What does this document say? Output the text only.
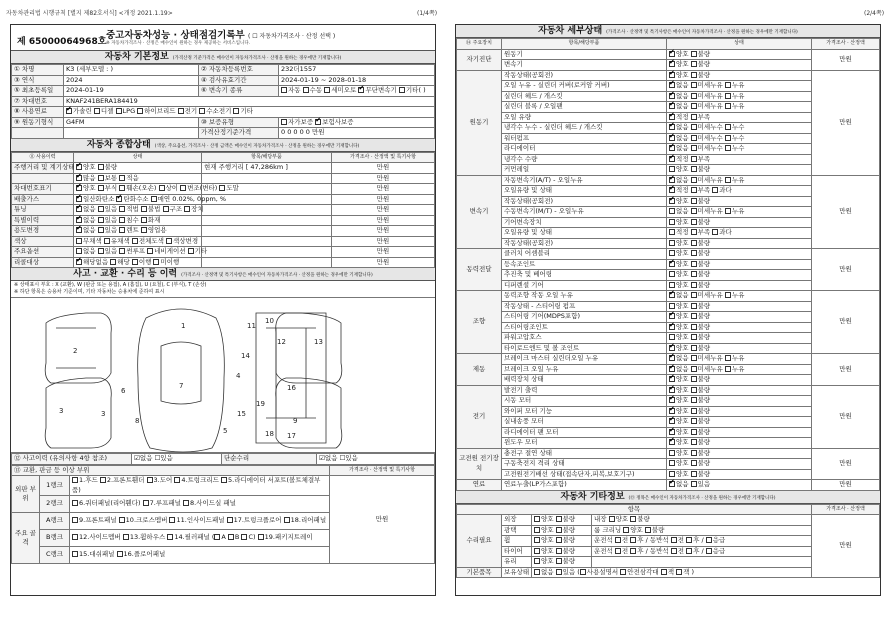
자동차관리법 시행규칙 [별지 제82호서식] <개정 2021.1.19>	(1/4쪽)	(2/4쪽)
제 65000064968호
중고자동차성능 · 상태점검기록부 ( ☐ 자동차가격조사 · 산정 선택 )
※ 자동차가격조사 · 산정은 매수인이 원하는 경우 제공하는 서비스입니다.
자동차 기본정보 (가격산정 기준가격은 매수인이 자동차가격조사 · 산정을 원하는 경우에만 기재합니다)
① 차명	K3 (세부모델 : )	② 자동차등록번호	232더1557
③ 연식	2024	④ 검사유효기간	2024-01-19 ~ 2028-01-18
⑤ 최초등록일	2024-01-19	⑥ 변속기 종류	자동 수동 세미오토 ✔무단변속기 기타( )
⑦ 차대번호	KNAF241BERA184419		
⑧ 사용연료	✔가솔린 디젤 LPG 하이브리드 전기 수소전기 기타
⑨ 원동기형식	G4FM	⑩ 보증유형	자가보증 ✔보험사보증
		가격산정기준가격	0 0 0 0 0 만원
자동차 종합상태 (색상, 주요옵션, 가격조사 · 산정 금액은 매수인이 자동차가격조사 · 산정을 원하는 경우에만 기재합니다)
⑪ 사용이력	상태	항목/해당부품	가격조사 · 산정액 및 특기사항
주행거리 및 계기상태	✔양호 불량	현재 주행거리 [ 47,286km ]	만원
	✔많음 보통 적음		만원
차대번호표기	✔양호 부식 훼손(오손) 상이 변조(변타) 도말		만원
배출가스	✔일산화탄소 ✔탄화수소 매연 0.02%, 0ppm, %		만원
튜닝	✔없음 있음 적법 불법 구조 장치		만원
특별이력	✔없음 있음 침수 화재		만원
용도변경	✔없음 있음 렌트 영업용		만원
색상	무채색 유채색 전체도색 색상변경		만원
주요옵션	없음 있음 썬루프 네비게이션 기타		만원
리콜대상	✔해당없음 해당 이행 미이행		만원
사고 · 교환 · 수리 등 이력 (가격조사 · 산정액 및 특기사항은 매수인이 자동차가격조사 · 산정을 원하는 경우에만 기재합니다)
※ 상태표시 부호 : X (교환), W (판금 또는 용접), A (흠집), U (요철), C (부식), T (손상)
※ 하단 항목은 승용차 기준이며, 기타 자동차는 승용차에 준하여 표시
1
2
3	3
4
5
6
7
8	9
10
11
12	13
14
15
16
17
18
19
⑫ 사고이력 (유의사항 4항 참조)	☑없음 ☐있음	단순수리	☑없음 ☐있음
⑬ 교환, 판금 등 이상 부위			가격조사 · 산정액 및 특기사항
외판 부위	1랭크	1.후드 2.프론트휀더 3.도어 4.트렁크리드 5.라디에이터 서포트(볼트체결부품)	만원
	2랭크	6.쿼터패널(리어휀다) 7.루프패널 8.사이드실 패널	
주요 골격	A랭크	9.프론트패널 10.크로스멤버 11.인사이드패널 17.트렁크플로어 18.리어패널	
	B랭크	12.사이드멤버 13.휠하우스 14.필러패널 ( A B C) 19.패키지트레이	
	C랭크	15.대쉬패널 16.플로어패널	
자동차 세부상태 (가격조사 · 산정액 및 특기사항은 매수인이 자동차가격조사 · 산정을 원하는 경우에만 기재합니다)
⑭ 주요장치	항목/해당부품	상태	가격조사 · 산정액
자기진단	원동기	✔양호 불량	만원
	변속기	✔양호 불량
원동기	작동상태(공회전)	✔양호 불량	만원
	오일 누유 - 실린더 커버(로커암 커버)	✔없음 미세누유 누유
	실린더 헤드 / 개스킷	✔없음 미세누유 누유
	실린더 블록 / 오일팬	✔없음 미세누유 누유
	오일 유량	✔적정 부족
	냉각수 누수 - 실린더 헤드 / 개스킷	✔없음 미세누수 누수
	워터펌프	✔없음 미세누수 누수
	라디에이터	✔없음 미세누수 누수
	냉각수 수량	✔적정 부족
	커먼레일	양호 불량	
변속기	자동변속기(A/T) - 오일누유	✔없음 미세누유 누유	만원
	오일유량 및 상태	✔적정 부족 과다
	작동상태(공회전)	✔양호 불량
	수동변속기(M/T) - 오일누유	없음 미세누유 누유	
	기어변속장치	양호 불량	
	오일유량 및 상태	적정 부족 과다	
	작동상태(공회전)	양호 불량	
동력전달	클러치 어셈블리	양호 불량	만원
	등속조인트	✔양호 불량
	추진축 및 베어링	양호 불량	
	디퍼렌셜 기어	양호 불량	
조향	동력조향 작동 오일 누유	✔없음 미세누유 누유	만원
	작동상태 - 스티어링 펌프	양호 불량	
	스티어링 기어(MDPS포함)	✔양호 불량
	스티어링조인트	✔양호 불량
	파워고압호스	양호 불량	
	타이로드엔드 및 볼 조인트	✔양호 불량
제동	브레이크 마스터 실린더오일 누유	✔없음 미세누유 누유	만원
	브레이크 오일 누유	✔없음 미세누유 누유
	배력장치 상태	✔양호 불량
전기	발전기 출력	✔양호 불량	만원
	시동 모터	✔양호 불량
	와이퍼 모터 기능	✔양호 불량
	실내송풍 모터	✔양호 불량
	라디에이터 팬 모터	✔양호 불량
	윈도우 모터	✔양호 불량
고전원 전기장치	충전구 절연 상태	양호 불량	만원
	구동축전지 격리 상태	양호 불량	
	고전원전기배선 상태(접속단자,피복,보호기구)	양호 불량	
연료	연료누출(LP가스포함)	✔없음 있음	만원
자동차 기타정보 (⑮ 정목은 매수인이 자동차가격조사 · 산정을 원하는 경우에만 기재합니다)
항목				가격조사 · 산정액
수리필요	외장	양호 불량	내장 양호 불량	만원
	광택	양호 불량	룸 크리닝 양호 불량	
	휠	양호 불량	운전석 전 후 / 동반석 전 후 / 응급	
	타이어	양호 불량	운전석 전 후 / 동반석 전 후 / 응급	
	유리	양호 불량		
기본품목	보유상태	없음 있음 ( 사용설명서 안전삼각대 잭 잭 )		
